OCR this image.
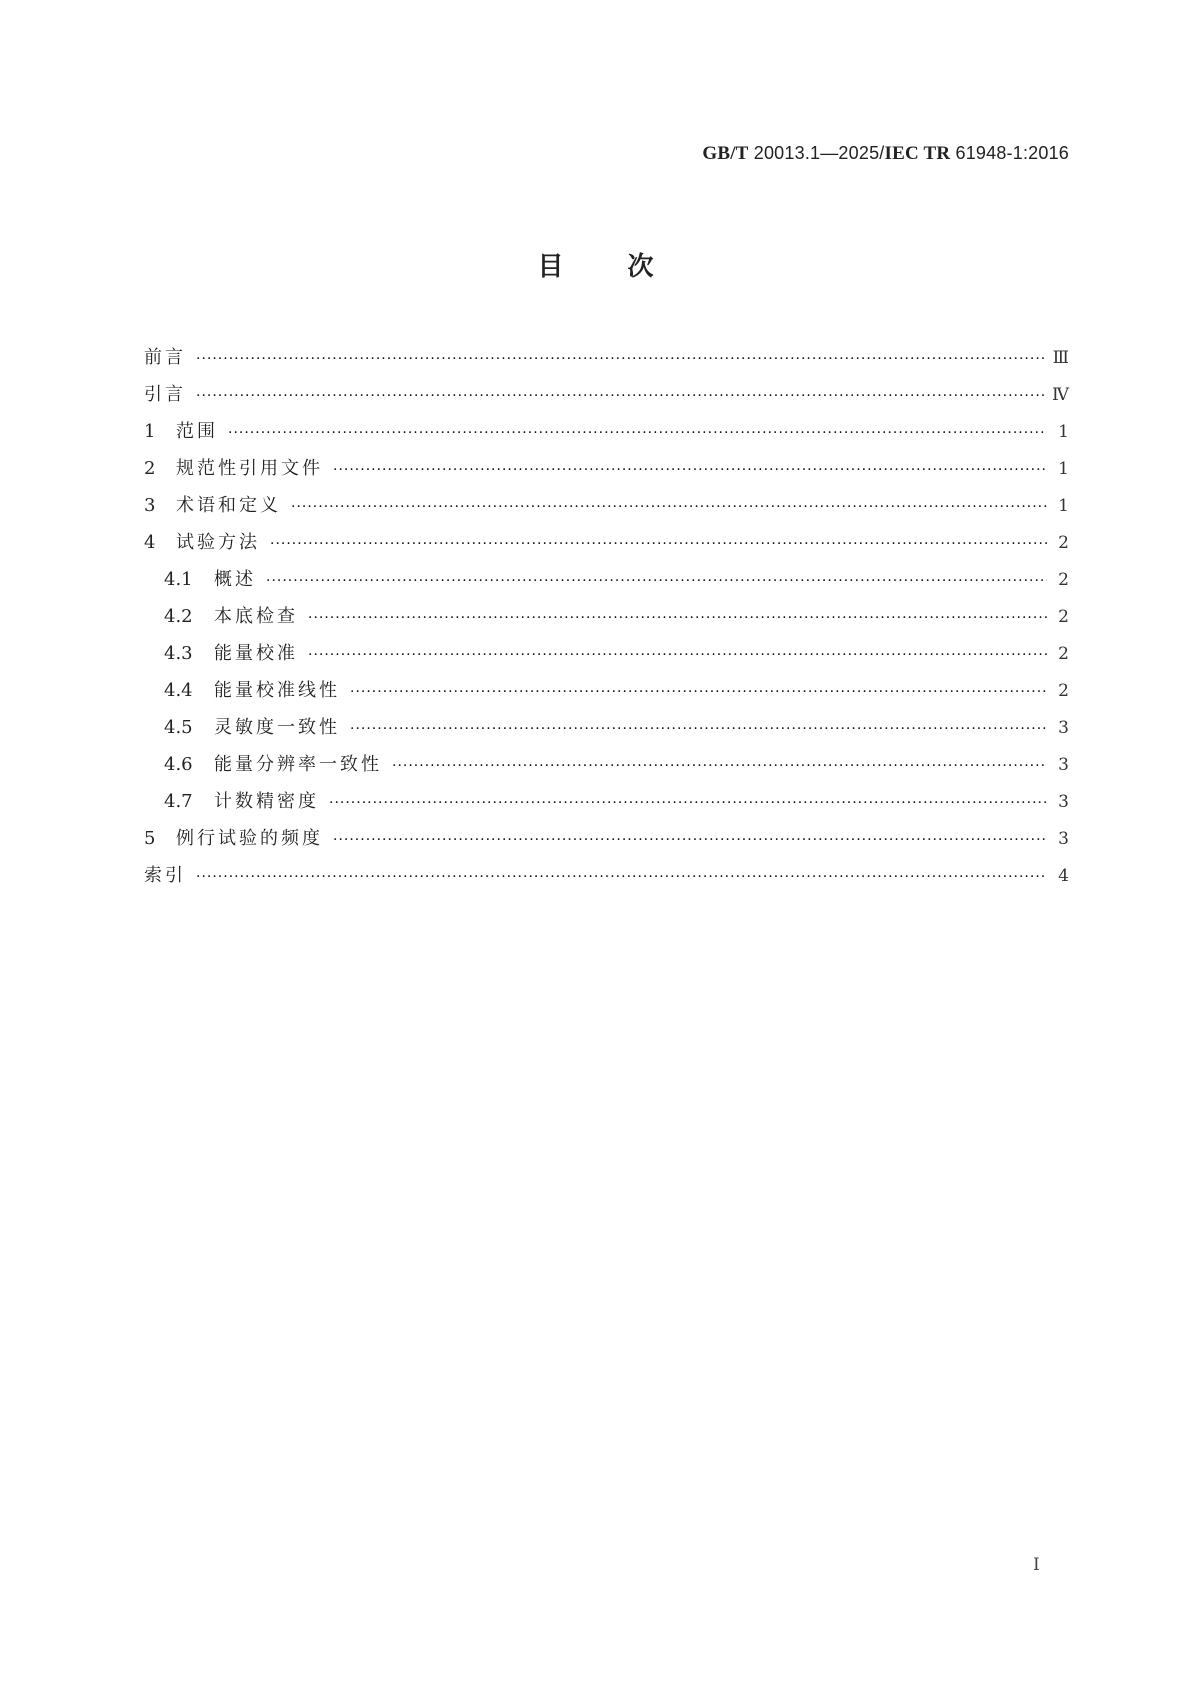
GB/T 20013.1—2025/IEC TR 61948-1:2016
目 次
前言 ·····	Ⅲ
引言 ·····	Ⅳ
1	范围 ·····	1
2	规范性引用文件 ·····	1
3	术语和定义 ·····	1
4	试验方法 ·····	2
4.1	概述 ·····	2
4.2	本底检查 ·····	2
4.3	能量校准 ·····	2
4.4	能量校准线性 ·····	2
4.5	灵敏度一致性 ·····	3
4.6	能量分辨率一致性 ·····	3
4.7	计数精密度 ·····	3
5	例行试验的频度 ·····	3
索引 ·····	4
I
